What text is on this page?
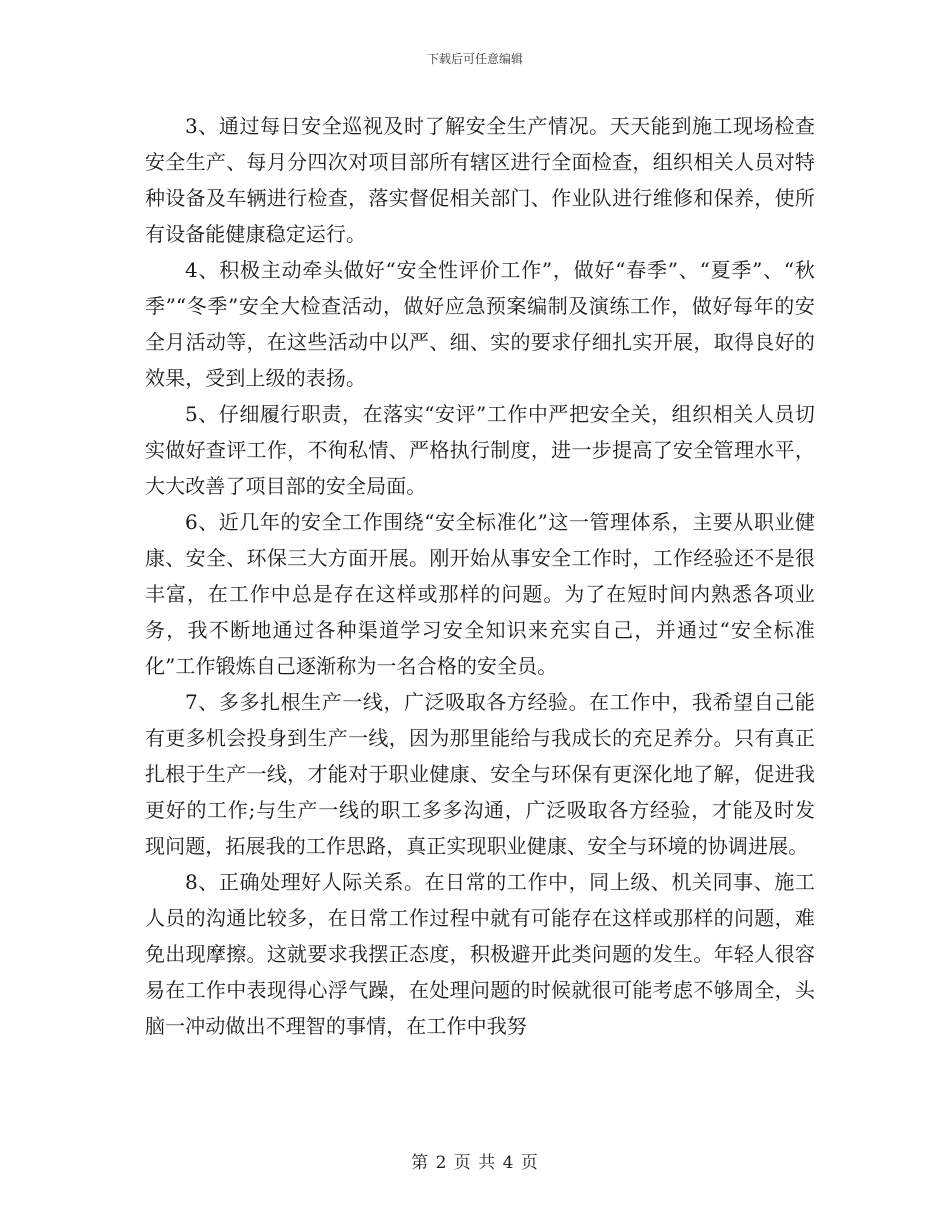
下载后可任意编辑

3、通过每日安全巡视及时了解安全生产情况。天天能到施工现场检查安全生产、每月分四次对项目部所有辖区进行全面检查，组织相关人员对特种设备及车辆进行检查，落实督促相关部门、作业队进行维修和保养，使所有设备能健康稳定运行。

4、积极主动牵头做好“安全性评价工作”，做好“春季”、“夏季”、“秋季”“冬季”安全大检查活动，做好应急预案编制及演练工作，做好每年的安全月活动等，在这些活动中以严、细、实的要求仔细扎实开展，取得良好的效果，受到上级的表扬。

5、仔细履行职责，在落实“安评”工作中严把安全关，组织相关人员切实做好查评工作，不徇私情、严格执行制度，进一步提高了安全管理水平，大大改善了项目部的安全局面。

6、近几年的安全工作围绕“安全标准化”这一管理体系，主要从职业健康、安全、环保三大方面开展。刚开始从事安全工作时，工作经验还不是很丰富，在工作中总是存在这样或那样的问题。为了在短时间内熟悉各项业务，我不断地通过各种渠道学习安全知识来充实自己，并通过“安全标准化”工作锻炼自己逐渐称为一名合格的安全员。

7、多多扎根生产一线，广泛吸取各方经验。在工作中，我希望自己能有更多机会投身到生产一线，因为那里能给与我成长的充足养分。只有真正扎根于生产一线，才能对于职业健康、安全与环保有更深化地了解，促进我更好的工作;与生产一线的职工多多沟通，广泛吸取各方经验，才能及时发现问题，拓展我的工作思路，真正实现职业健康、安全与环境的协调进展。

8、正确处理好人际关系。在日常的工作中，同上级、机关同事、施工人员的沟通比较多，在日常工作过程中就有可能存在这样或那样的问题，难免出现摩擦。这就要求我摆正态度，积极避开此类问题的发生。年轻人很容易在工作中表现得心浮气躁，在处理问题的时候就很可能考虑不够周全，头脑一冲动做出不理智的事情，在工作中我努

第 2 页 共 4 页
